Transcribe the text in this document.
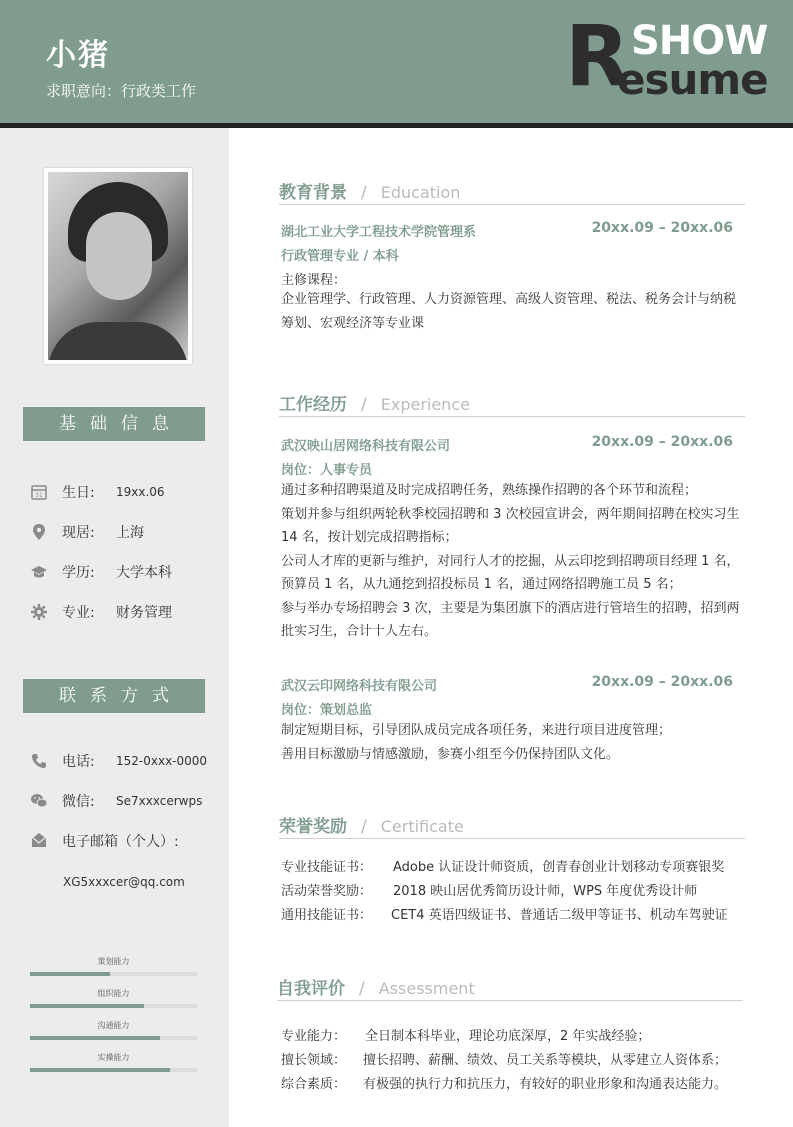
小猪
求职意向：行政类工作	R SHOW
esume
基础信息
31 生日:	19xx.06
现居:	上海
学历:	大学本科
专业:	财务管理
联系方式
电话:	152-0xxx-0000
微信:	Se7xxxcerwps
电子邮箱（个人）:
XG5xxxcer@qq.com
策划能力
组织能力
沟通能力
实操能力
教育背景 / Education
湖北工业大学工程技术学院管理系	20xx.09 – 20xx.06
行政管理专业 / 本科
主修课程：
企业管理学、行政管理、人力资源管理、高级人资管理、税法、税务会计与纳税筹划、宏观经济等专业课
工作经历 / Experience
武汉映山居网络科技有限公司	20xx.09 – 20xx.06
岗位：人事专员
通过多种招聘渠道及时完成招聘任务，熟练操作招聘的各个环节和流程；
策划并参与组织两轮秋季校园招聘和 3 次校园宣讲会，两年期间招聘在校实习生 14 名，按计划完成招聘指标；
公司人才库的更新与维护，对同行人才的挖掘，从云印挖到招聘项目经理 1 名，预算员 1 名，从九通挖到招投标员 1 名，通过网络招聘施工员 5 名；
参与举办专场招聘会 3 次，主要是为集团旗下的酒店进行管培生的招聘，招到两批实习生，合计十人左右。
武汉云印网络科技有限公司	20xx.09 – 20xx.06
岗位：策划总监
制定短期目标，引导团队成员完成各项任务，来进行项目进度管理；
善用目标激励与情感激励，参赛小组至今仍保持团队文化。
荣誉奖励 / Certificate
专业技能证书：	Adobe 认证设计师资质，创青春创业计划移动专项赛银奖
活动荣誉奖励：	2018 映山居优秀简历设计师，WPS 年度优秀设计师
通用技能证书：	CET4 英语四级证书、普通话二级甲等证书、机动车驾驶证
自我评价 / Assessment
专业能力：	全日制本科毕业，理论功底深厚，2 年实战经验；
擅长领域：	擅长招聘、薪酬、绩效、员工关系等模块，从零建立人资体系；
综合素质：	有极强的执行力和抗压力，有较好的职业形象和沟通表达能力。
